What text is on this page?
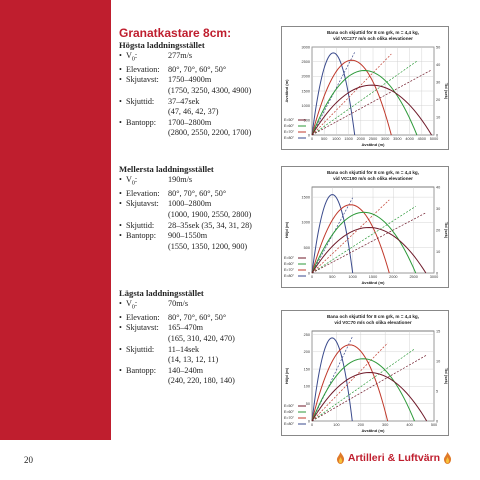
Granatkastare 8cm:
Högsta laddningsstället
• $V_0$:	277m/s
• Elevation:	80°, 70°, 60°, 50°
• Skjutavst:	1750–4900m
(1750, 3250, 4300, 4900)
• Skjuttid:	37–47sek
(47, 46, 42, 37)
• Bantopp:	1700–2800m
(2800, 2550, 2200, 1700)
Mellersta laddningsstället
• $V_0$:	190m/s
• Elevation:	80°, 70°, 60°, 50°
• Skjutavst:	1000–2800m
(1000, 1900, 2550, 2800)
• Skjuttid:	28–35sek (35, 34, 31, 28)
• Bantopp:	900–1550m
(1550, 1350, 1200, 900)
Lägsta laddningsstället
• $V_0$:	70m/s
• Elevation:	80°, 70°, 60°, 50°
• Skjutavst:	165–470m
(165, 310, 420, 470)
• Skjuttid:	11–14sek
(14, 13, 12, 11)
• Bantopp:	140–240m
(240, 220, 180, 140)
Bana och skjuttid för 8 cm grk, m = 4,4 kg,
vid V0=277 m/s och olika elevationer
0 500 1000 1500 2000 2500 3000 3500 4000 4500 5000
0
500
1000
1500
2000
2500
3000
0
10
20
30
40
50
Avstånd (m)
Avstånd (m)	Tid (sek)
E=50°
E=60°
E=70°
E=80°
Bana och skjuttid för 8 cm grk, m = 4,4 kg,
vid V0=190 m/s och olika elevationer
0	500	1000	1500	2000	2500	3000
0
500
1000
1500
0
10
20
30
40
Avstånd (m)
Höjd (m)	Tid (sek)
E=50°
E=60°
E=70°
E=80°
Bana och skjuttid för 8 cm grk, m = 4,4 kg,
vid V0=70 m/s och olika elevationer
0	100	200	300	400	500
0
50
100
150
200
250
0
5
10
15
Avstånd (m)
Höjd (m)	Tid (sek)
E=50°
E=60°
E=70°
E=80°
20	Artilleri & Luftvärn
